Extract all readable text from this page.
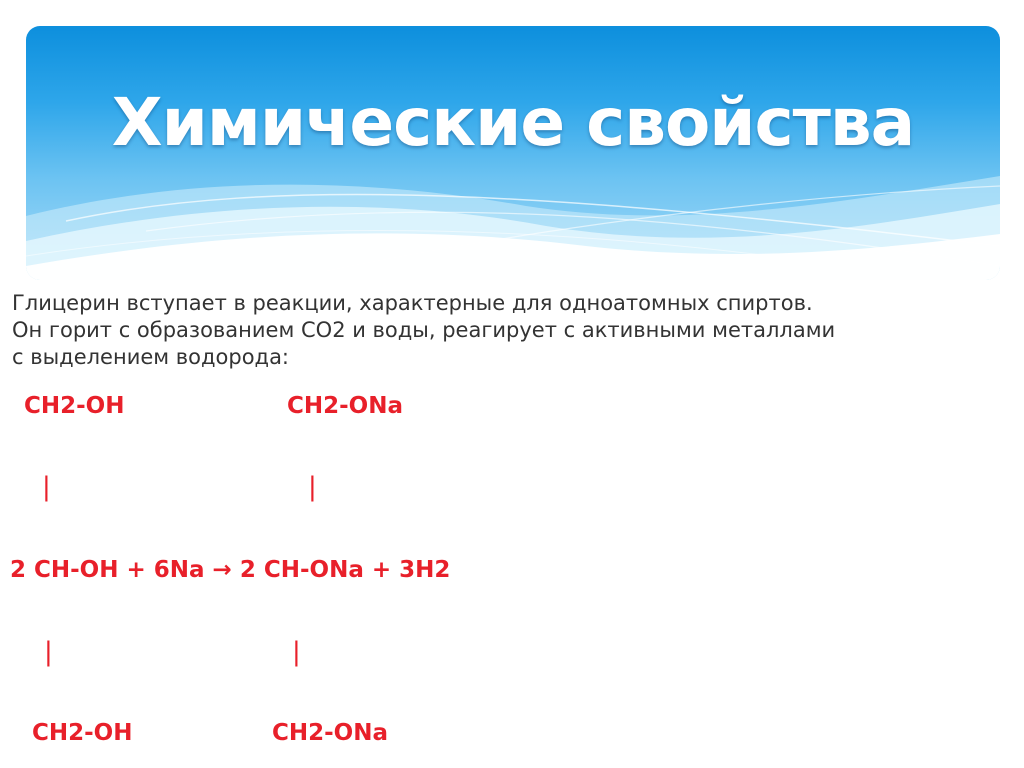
Химические свойства
Глицерин вступает в реакции, характерные для одноатомных спиртов.
Он горит с образованием СО2 и воды, реагирует с активными металлами
с выделением водорода:
CH2-OH	CH2-ONa
|	|
2 CH-OH + 6Na → 2 CH-ONa + 3H2
|	|
CH2-OH	CH2-ONa
